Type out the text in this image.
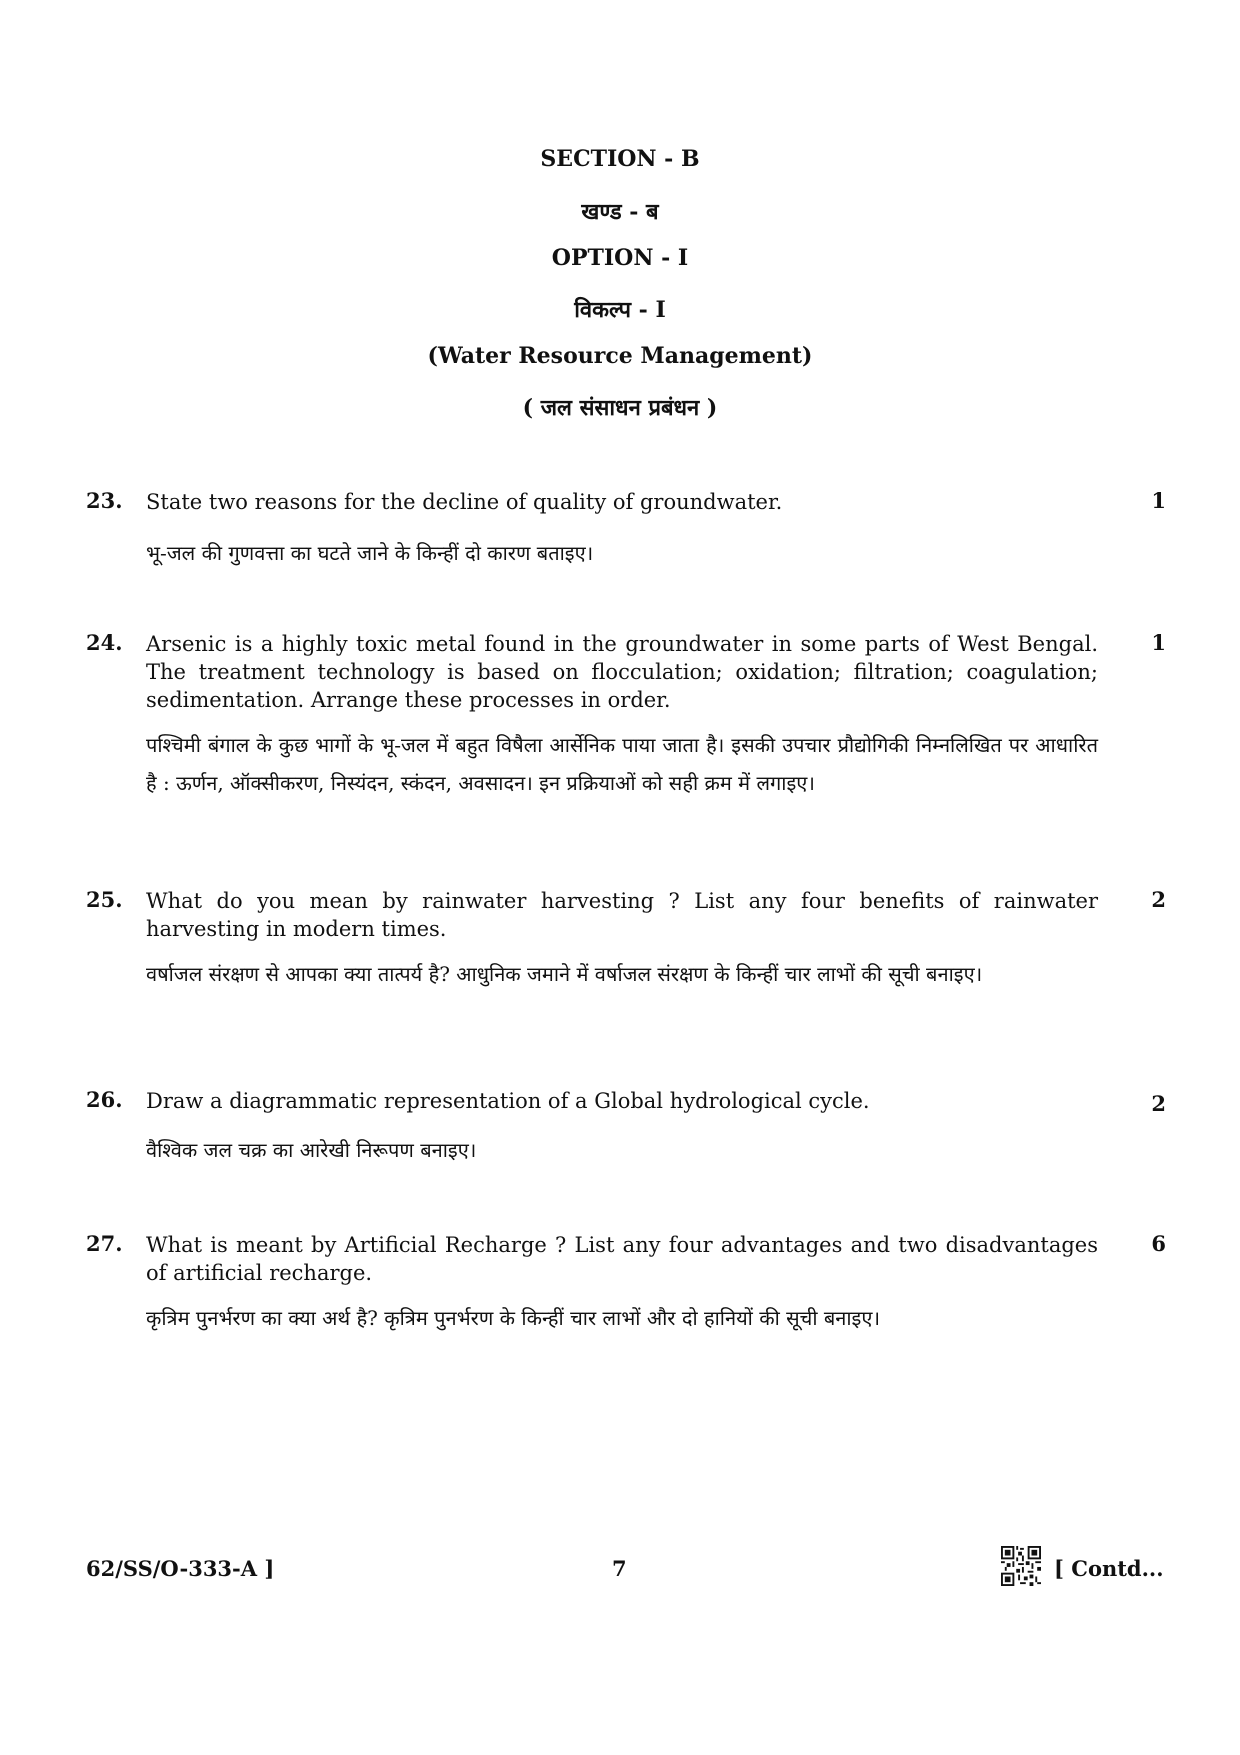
SECTION - B
खण्ड - ब
OPTION - I
विकल्प - I
(Water Resource Management)
( जल संसाधन प्रबंधन )
23. State two reasons for the decline of quality of groundwater.
भू-जल की गुणवत्ता का घटते जाने के किन्हीं दो कारण बताइए।
1
24. Arsenic is a highly toxic metal found in the groundwater in some parts of West Bengal. The treatment technology is based on flocculation; oxidation; filtration; coagulation; sedimentation. Arrange these processes in order.
पश्चिमी बंगाल के कुछ भागों के भू-जल में बहुत विषैला आर्सेनिक पाया जाता है। इसकी उपचार प्रौद्योगिकी निम्नलिखित पर आधारित है : ऊर्णन, ऑक्सीकरण, निस्यंदन, स्कंदन, अवसादन। इन प्रक्रियाओं को सही क्रम में लगाइए।
1
25. What do you mean by rainwater harvesting ? List any four benefits of rainwater harvesting in modern times.
वर्षाजल संरक्षण से आपका क्या तात्पर्य है? आधुनिक जमाने में वर्षाजल संरक्षण के किन्हीं चार लाभों की सूची बनाइए।
2
26. Draw a diagrammatic representation of a Global hydrological cycle.
वैश्विक जल चक्र का आरेखी निरूपण बनाइए।
2
27. What is meant by Artificial Recharge ? List any four advantages and two disadvantages of artificial recharge.
कृत्रिम पुनर्भरण का क्या अर्थ है? कृत्रिम पुनर्भरण के किन्हीं चार लाभों और दो हानियों की सूची बनाइए।
6
62/SS/O-333-A ]	7	[ Contd...
